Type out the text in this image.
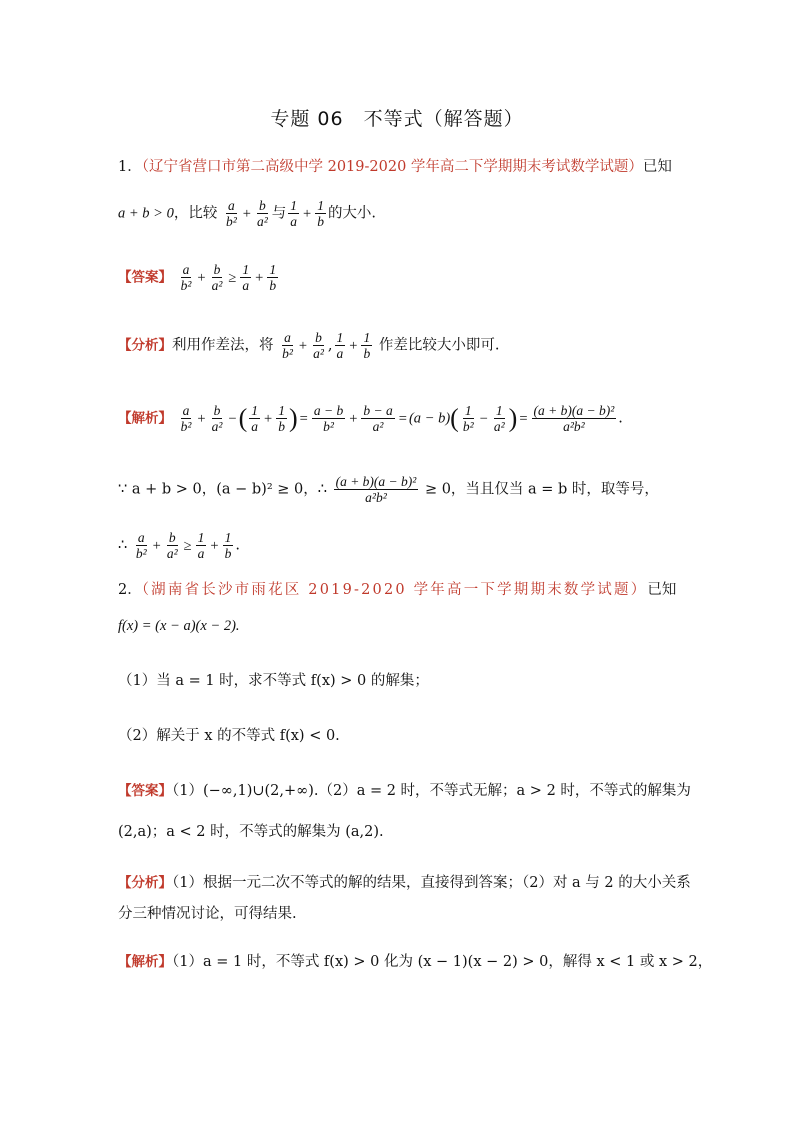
专题 06　不等式（解答题）
1．（辽宁省营口市第二高级中学 2019-2020 学年高二下学期期末考试数学试题）已知
a + b > 0，比较 $\frac{a}{\text{b²}} + \frac{b}{\text{a²}}$ 与 $\frac{1}{a} + \frac{1}{b}$ 的大小.
【答案】 $\frac{a}{\text{b²}} + \frac{b}{\text{a²}} \ge \frac{1}{a} + \frac{1}{b}$
【分析】利用作差法，将 $\frac{a}{\text{b²}} + \frac{b}{\text{a²}}$ , $\frac{1}{a} + \frac{1}{b}$ 作差比较大小即可.
【解析】 $\frac{a}{\text{b²}} + \frac{b}{\text{a²}}$ −( $\frac{1}{a} + \frac{1}{b}$ ) = $\frac{a - b}{\text{b²}} + \frac{b - a}{\text{a²}} = (a - b)( \frac{1}{\text{b²}} - \frac{1}{\text{a²}}$ ) = $\frac{\text{(a + b)(a − b)²}}{\text{a²b²}}$ .
∵ a + b > 0，(a − b)² ≥ 0，∴ $\frac{\text{(a + b)(a − b)²}}{\text{a²b²}} \ge 0$，当且仅当 a = b 时，取等号，
∴ $\frac{a}{\text{b²}} + \frac{b}{\text{a²}} \ge \frac{1}{a} + \frac{1}{b}$ .
2．（湖南省长沙市雨花区 2019-2020 学年高一下学期期末数学试题）已知
f(x) = (x − a)(x − 2).
（1）当 a = 1 时，求不等式 f(x) > 0 的解集；
（2）解关于 x 的不等式 f(x) < 0.
【答案】（1）(−∞,1)∪(2,+∞).（2）a = 2 时，不等式无解；a > 2 时，不等式的解集为
(2,a)；a < 2 时，不等式的解集为 (a,2).
【分析】（1）根据一元二次不等式的解的结果，直接得到答案；（2）对 a 与 2 的大小关系
分三种情况讨论，可得结果.
【解析】（1）a = 1 时，不等式 f(x) > 0 化为 (x − 1)(x − 2) > 0，解得 x < 1 或 x > 2，
